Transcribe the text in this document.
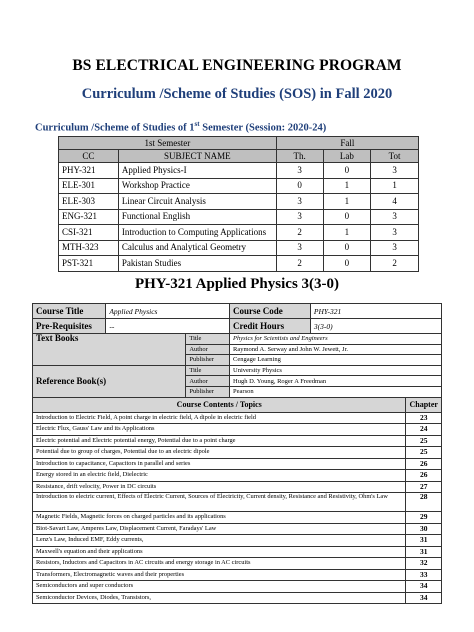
BS ELECTRICAL ENGINEERING PROGRAM
Curriculum /Scheme of Studies (SOS) in Fall 2020
Curriculum /Scheme of Studies of 1st Semester (Session: 2020-24)
1st Semester		Fall		
CC	SUBJECT NAME	Th.	Lab	Tot
PHY-321	Applied Physics-I	3	0	3
ELE-301	Workshop Practice	0	1	1
ELE-303	Linear Circuit Analysis	3	1	4
ENG-321	Functional English	3	0	3
CSI-321	Introduction to Computing Applications	2	1	3
MTH-323	Calculus and Analytical Geometry	3	0	3
PST-321	Pakistan Studies	2	0	2
PHY-321 Applied Physics 3(3-0)
Course Title	Applied Physics		Course Code	PHY-321	
Pre-Requisites	--		Credit Hours	3(3-0)	
Text Books		Title	Physics for Scientists and Engineers		
		Author	Raymond A. Serway and John W. Jewett, Jr.		
		Publisher	Cengage Learning		
Reference Book(s)		Title	University Physics		
		Author	Hugh D. Young, Roger A Freedman		
		Publisher	Pearson		
Course Contents / Topics					Chapter
Introduction to Electric Field, A point charge in electric field, A dipole in electric field					23
Electric Flux, Gauss' Law and its Applications					24
Electric potential and Electric potential energy, Potential due to a point charge					25
Potential due to group of charges, Potential due to an electric dipole					25
Introduction to capacitance, Capacitors in parallel and series					26
Energy stored in an electric field, Dielectric					26
Resistance, drift velocity, Power in DC circuits					27
Introduction to electric current, Effects of Electric Current, Sources of Electricity, Current density, Resistance and Resistivity, Ohm's Law					28
Magnetic Fields, Magnetic forces on charged particles and its applications					29
Biot-Savart Law, Amperes Law, Displacement Current, Faradays' Law					30
Lenz's Law, Induced EMF, Eddy currents,					31
Maxwell's equation and their applications					31
Resistors, Inductors and Capacitors in AC circuits and energy storage in AC circuits					32
Transformers, Electromagnetic waves and their properties					33
Semiconductors and super conductors					34
Semiconductor Devices, Diodes, Transistors,					34
